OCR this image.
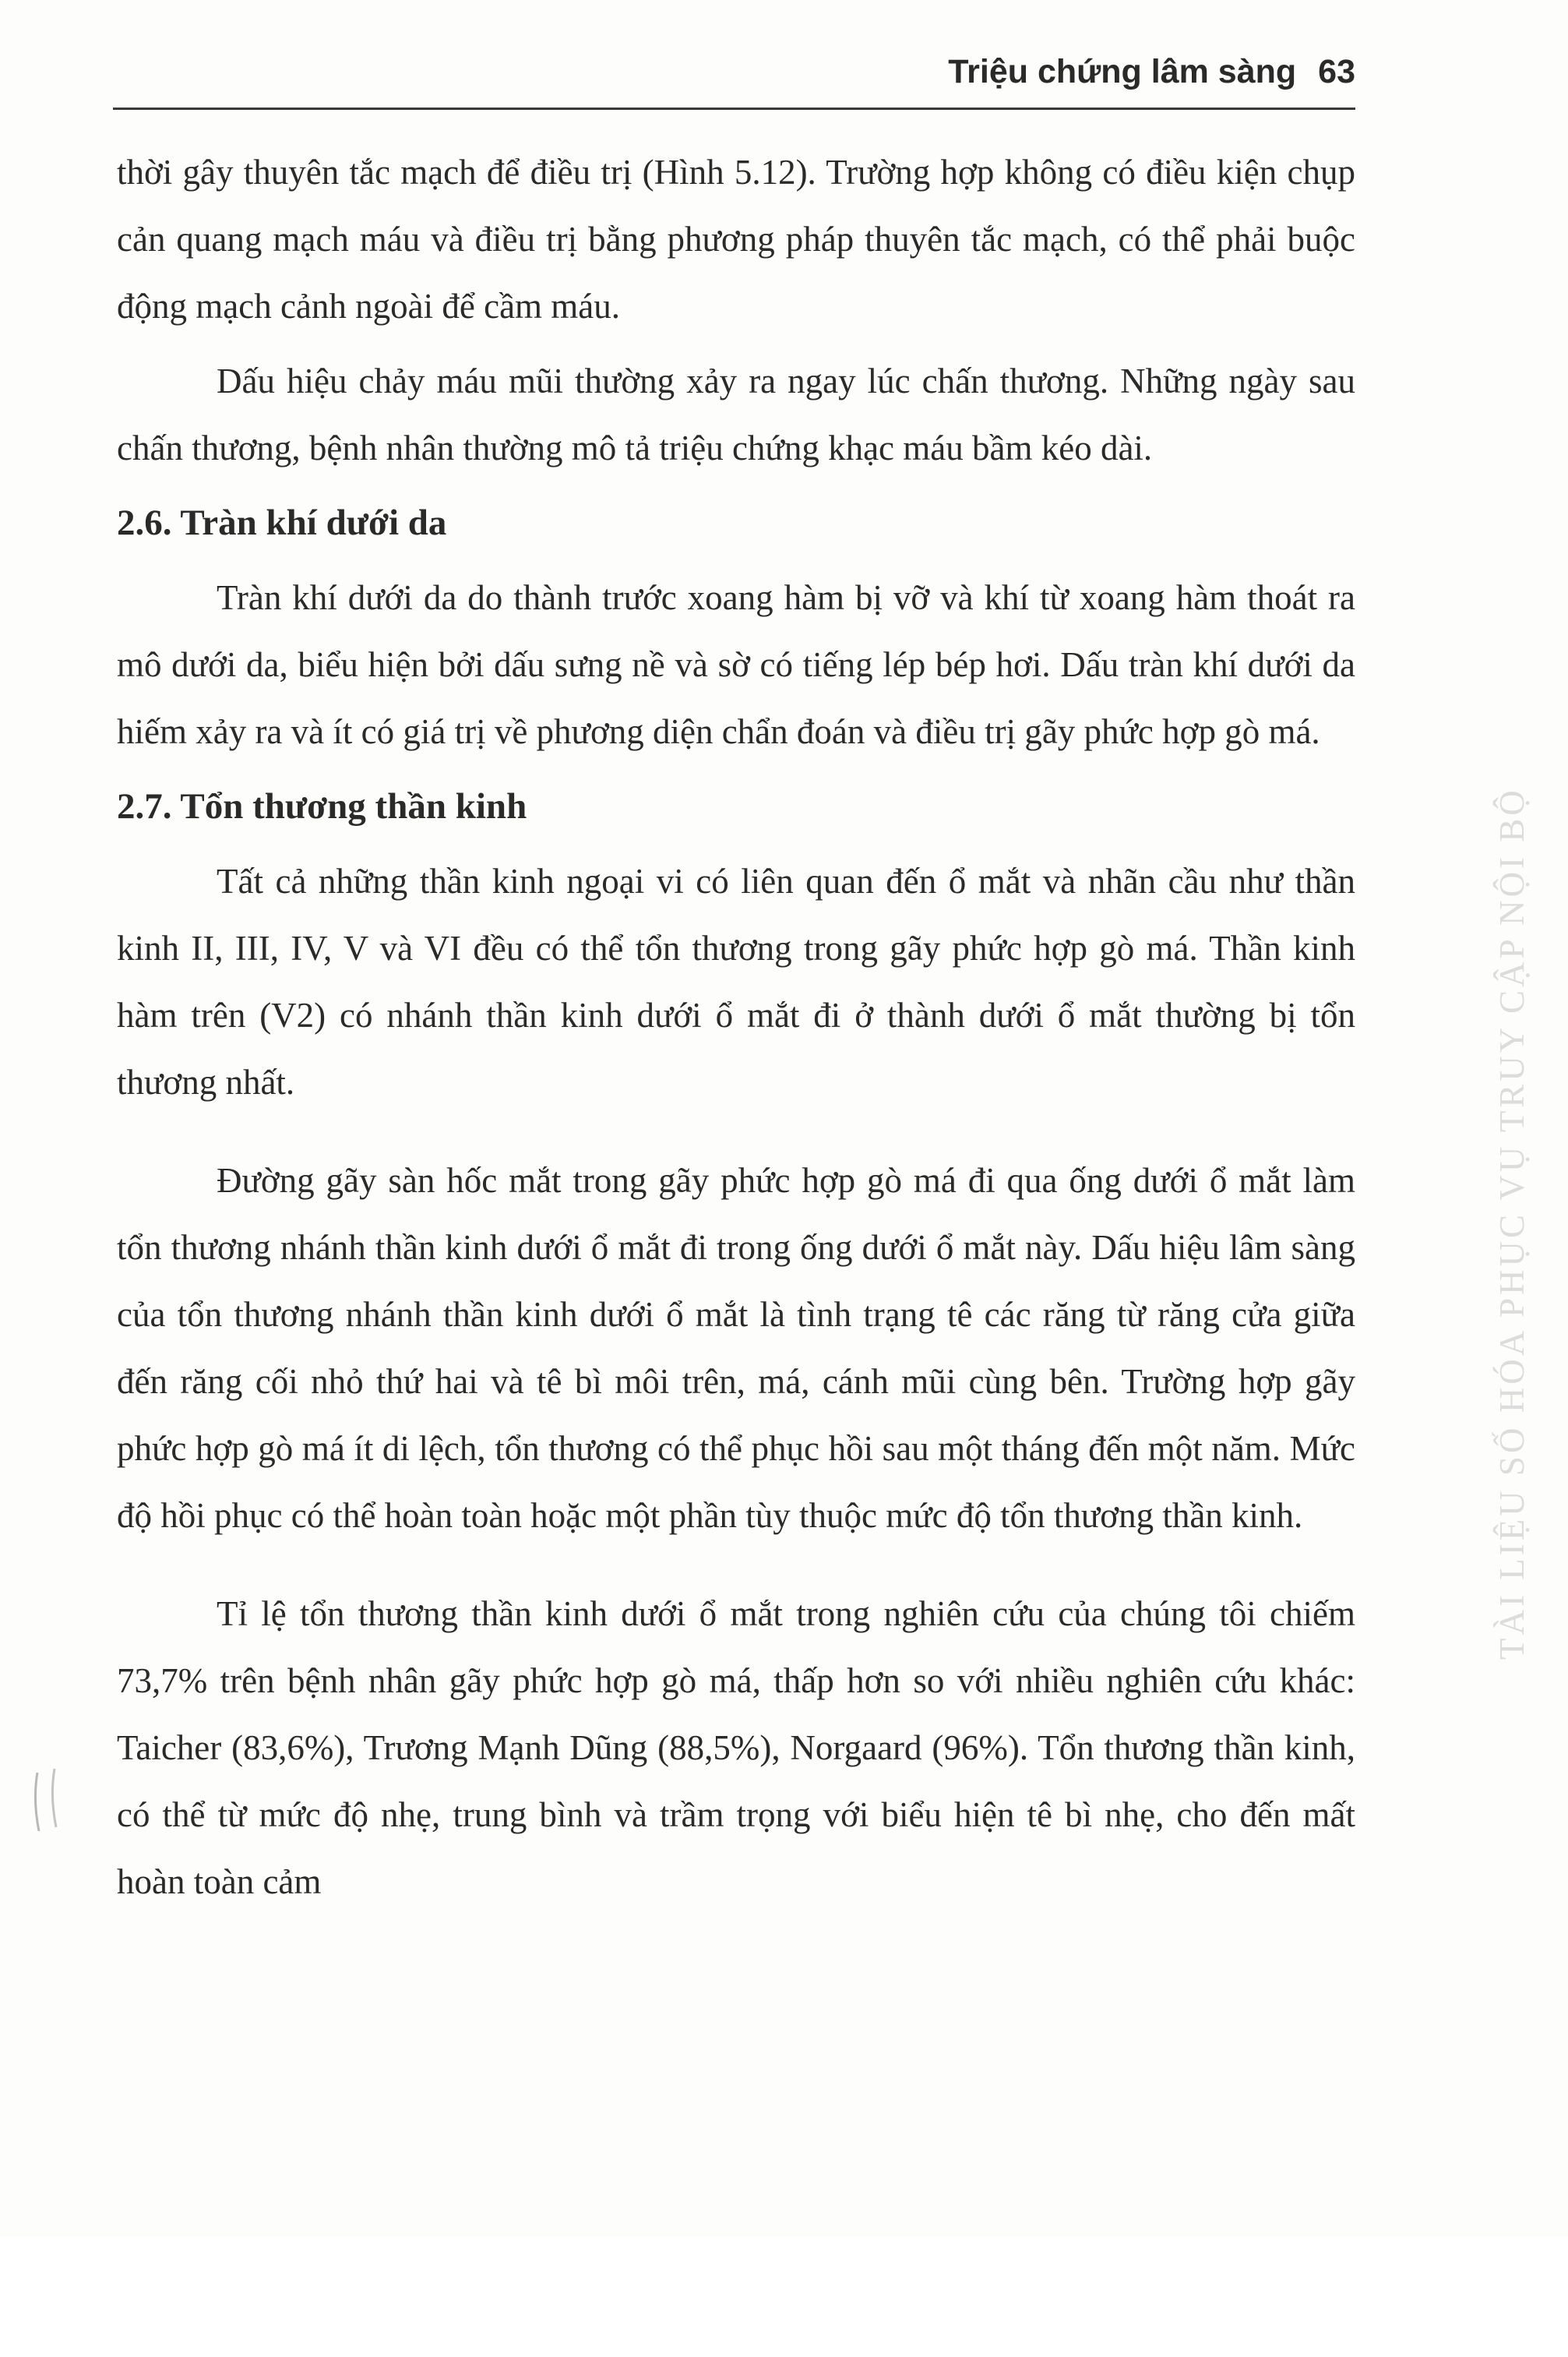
Triệu chứng lâm sàng 63

thời gây thuyên tắc mạch để điều trị (Hình 5.12). Trường hợp không có điều kiện chụp cản quang mạch máu và điều trị bằng phương pháp thuyên tắc mạch, có thể phải buộc động mạch cảnh ngoài để cầm máu.

Dấu hiệu chảy máu mũi thường xảy ra ngay lúc chấn thương. Những ngày sau chấn thương, bệnh nhân thường mô tả triệu chứng khạc máu bầm kéo dài.

2.6. Tràn khí dưới da

Tràn khí dưới da do thành trước xoang hàm bị vỡ và khí từ xoang hàm thoát ra mô dưới da, biểu hiện bởi dấu sưng nề và sờ có tiếng lép bép hơi. Dấu tràn khí dưới da hiếm xảy ra và ít có giá trị về phương diện chẩn đoán và điều trị gãy phức hợp gò má.

2.7. Tổn thương thần kinh

Tất cả những thần kinh ngoại vi có liên quan đến ổ mắt và nhãn cầu như thần kinh II, III, IV, V và VI đều có thể tổn thương trong gãy phức hợp gò má. Thần kinh hàm trên (V2) có nhánh thần kinh dưới ổ mắt đi ở thành dưới ổ mắt thường bị tổn thương nhất.

Đường gãy sàn hốc mắt trong gãy phức hợp gò má đi qua ống dưới ổ mắt làm tổn thương nhánh thần kinh dưới ổ mắt đi trong ống dưới ổ mắt này. Dấu hiệu lâm sàng của tổn thương nhánh thần kinh dưới ổ mắt là tình trạng tê các răng từ răng cửa giữa đến răng cối nhỏ thứ hai và tê bì môi trên, má, cánh mũi cùng bên. Trường hợp gãy phức hợp gò má ít di lệch, tổn thương có thể phục hồi sau một tháng đến một năm. Mức độ hồi phục có thể hoàn toàn hoặc một phần tùy thuộc mức độ tổn thương thần kinh.

Tỉ lệ tổn thương thần kinh dưới ổ mắt trong nghiên cứu của chúng tôi chiếm 73,7% trên bệnh nhân gãy phức hợp gò má, thấp hơn so với nhiều nghiên cứu khác: Taicher (83,6%), Trương Mạnh Dũng (88,5%), Norgaard (96%). Tổn thương thần kinh, có thể từ mức độ nhẹ, trung bình và trầm trọng với biểu hiện tê bì nhẹ, cho đến mất hoàn toàn cảm

TÀI LIỆU SỐ HÓA PHỤC VỤ TRUY CẬP NỘI BỘ
